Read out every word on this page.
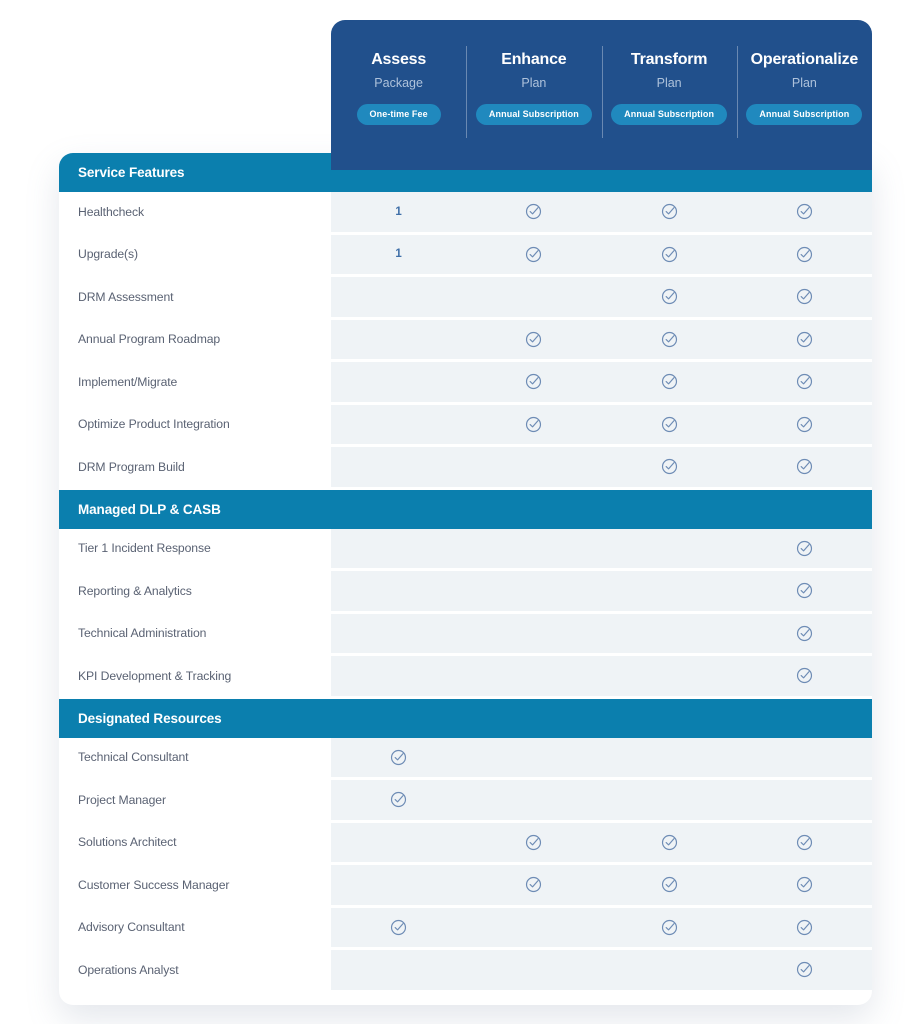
Assess
Package
One-time Fee
Enhance
Plan
Annual Subscription
Transform
Plan
Annual Subscription
Operationalize
Plan
Annual Subscription
Service Features
Healthcheck	1
Upgrade(s)	1
DRM Assessment
Annual Program Roadmap
Implement/Migrate
Optimize Product Integration
DRM Program Build
Managed DLP & CASB
Tier 1 Incident Response
Reporting & Analytics
Technical Administration
KPI Development & Tracking
Designated Resources
Technical Consultant
Project Manager
Solutions Architect
Customer Success Manager
Advisory Consultant
Operations Analyst
